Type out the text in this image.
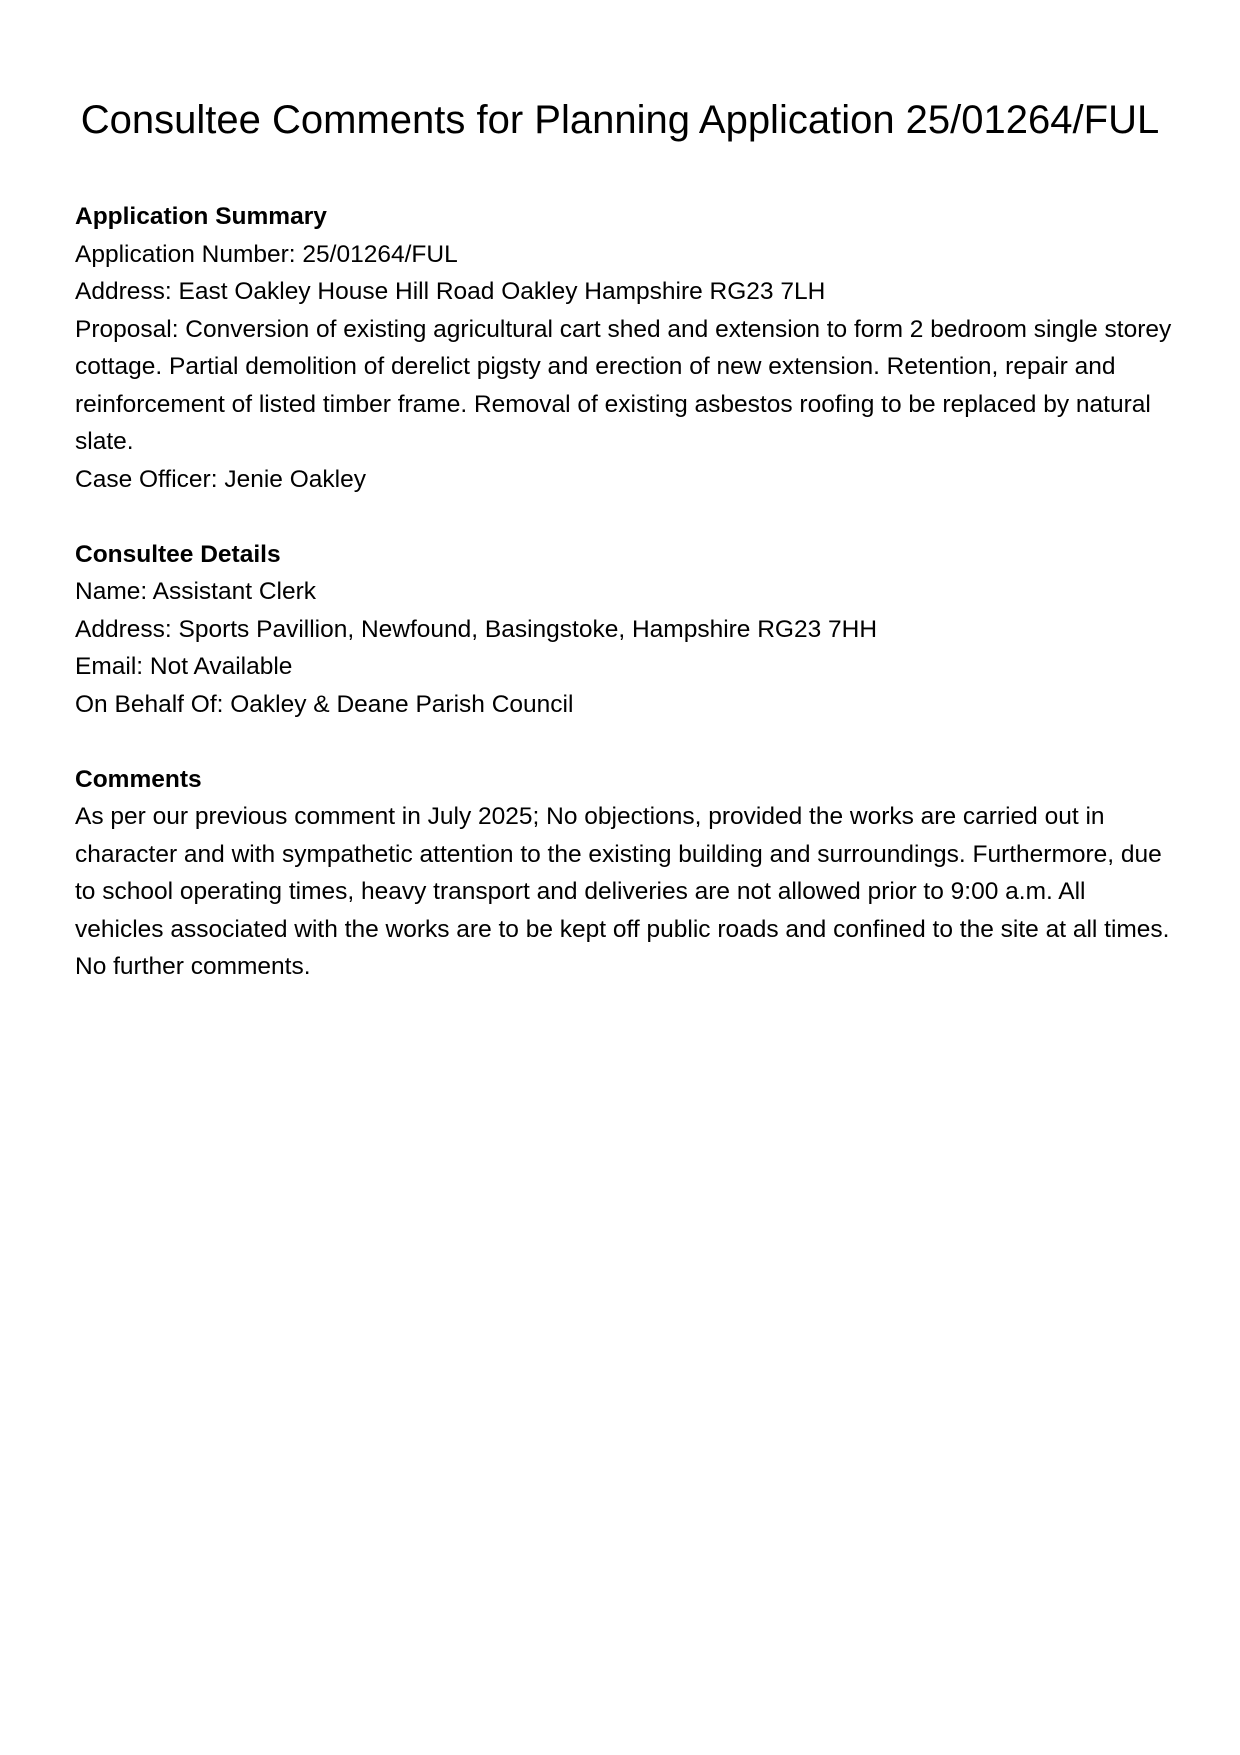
Consultee Comments for Planning Application 25/01264/FUL

Application Summary

Application Number: 25/01264/FUL

Address: East Oakley House Hill Road Oakley Hampshire RG23 7LH

Proposal: Conversion of existing agricultural cart shed and extension to form 2 bedroom single storey cottage. Partial demolition of derelict pigsty and erection of new extension. Retention, repair and reinforcement of listed timber frame. Removal of existing asbestos roofing to be replaced by natural slate.

Case Officer: Jenie Oakley

Consultee Details

Name: Assistant Clerk

Address: Sports Pavillion, Newfound, Basingstoke, Hampshire RG23 7HH

Email: Not Available

On Behalf Of: Oakley & Deane Parish Council

Comments

As per our previous comment in July 2025; No objections, provided the works are carried out in character and with sympathetic attention to the existing building and surroundings. Furthermore, due to school operating times, heavy transport and deliveries are not allowed prior to 9:00 a.m. All vehicles associated with the works are to be kept off public roads and confined to the site at all times. No further comments.
